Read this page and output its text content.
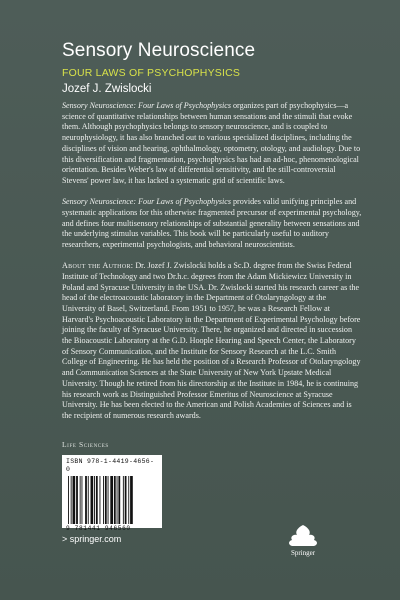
Sensory Neuroscience
FOUR LAWS OF PSYCHOPHYSICS
Jozef J. Zwislocki

Sensory Neuroscience: Four Laws of Psychophysics organizes part of psychophysics—a science of quantitative relationships between human sensations and the stimuli that evoke them. Although psychophysics belongs to sensory neuroscience, and is coupled to neurophysiology, it has also branched out to various specialized disciplines, including the disciplines of vision and hearing, ophthalmology, optometry, otology, and audiology. Due to this diversification and fragmentation, psychophysics has had an ad-hoc, phenomenological orientation. Besides Weber's law of differential sensitivity, and the still-controversial Stevens' power law, it has lacked a systematic grid of scientific laws.

Sensory Neuroscience: Four Laws of Psychophysics provides valid unifying principles and systematic applications for this otherwise fragmented precursor of experimental psychology, and defines four multisensory relationships of substantial generality between sensations and the underlying stimulus variables. This book will be particularly useful to auditory researchers, experimental psychologists, and behavioral neuroscientists.

About the Author: Dr. Jozef J. Zwislocki holds a Sc.D. degree from the Swiss Federal Institute of Technology and two Dr.h.c. degrees from the Adam Mickiewicz University in Poland and Syracuse University in the USA. Dr. Zwislocki started his research career as the head of the electroacoustic laboratory in the Department of Otolaryngology at the University of Basel, Switzerland. From 1951 to 1957, he was a Research Fellow at Harvard's Psychoacoustic Laboratory in the Department of Experimental Psychology before joining the faculty of Syracuse University. There, he organized and directed in succession the Bioacoustic Laboratory at the G.D. Hoople Hearing and Speech Center, the Laboratory of Sensory Communication, and the Institute for Sensory Research at the L.C. Smith College of Engineering. He has held the position of a Research Professor of Otolaryngology and Communication Sciences at the State University of New York Upstate Medical University. Though he retired from his directorship at the Institute in 1984, he is continuing his research work as Distinguished Professor Emeritus of Neuroscience at Syracuse University. He has been elected to the American and Polish Academies of Sciences and is the recipient of numerous research awards.

Life Sciences
ISBN 978-1-4419-4656-0
9 781441 946560
> springer.com
Springer
